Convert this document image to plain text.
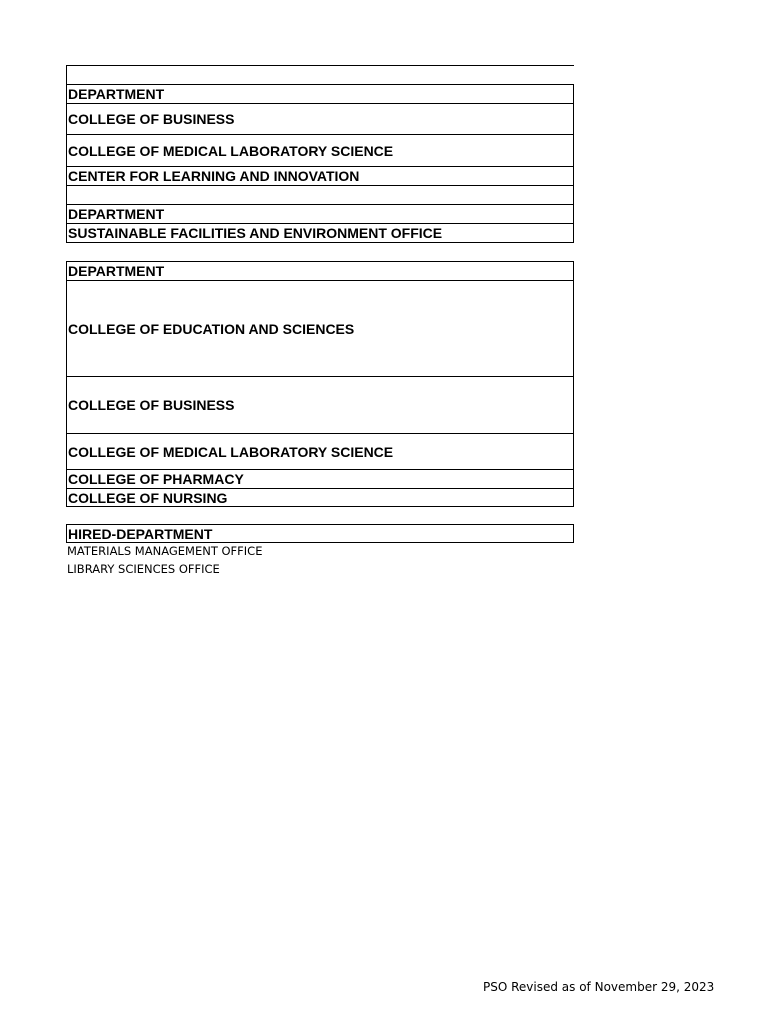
DEPARTMENT
COLLEGE OF BUSINESS
COLLEGE OF MEDICAL LABORATORY SCIENCE
CENTER FOR LEARNING AND INNOVATION
DEPARTMENT
SUSTAINABLE FACILITIES AND ENVIRONMENT OFFICE
DEPARTMENT
COLLEGE OF EDUCATION AND SCIENCES
COLLEGE OF BUSINESS
COLLEGE OF MEDICAL LABORATORY SCIENCE
COLLEGE OF PHARMACY
COLLEGE OF NURSING
HIRED-DEPARTMENT
MATERIALS MANAGEMENT OFFICE
LIBRARY SCIENCES OFFICE
PSO Revised as of November 29, 2023
